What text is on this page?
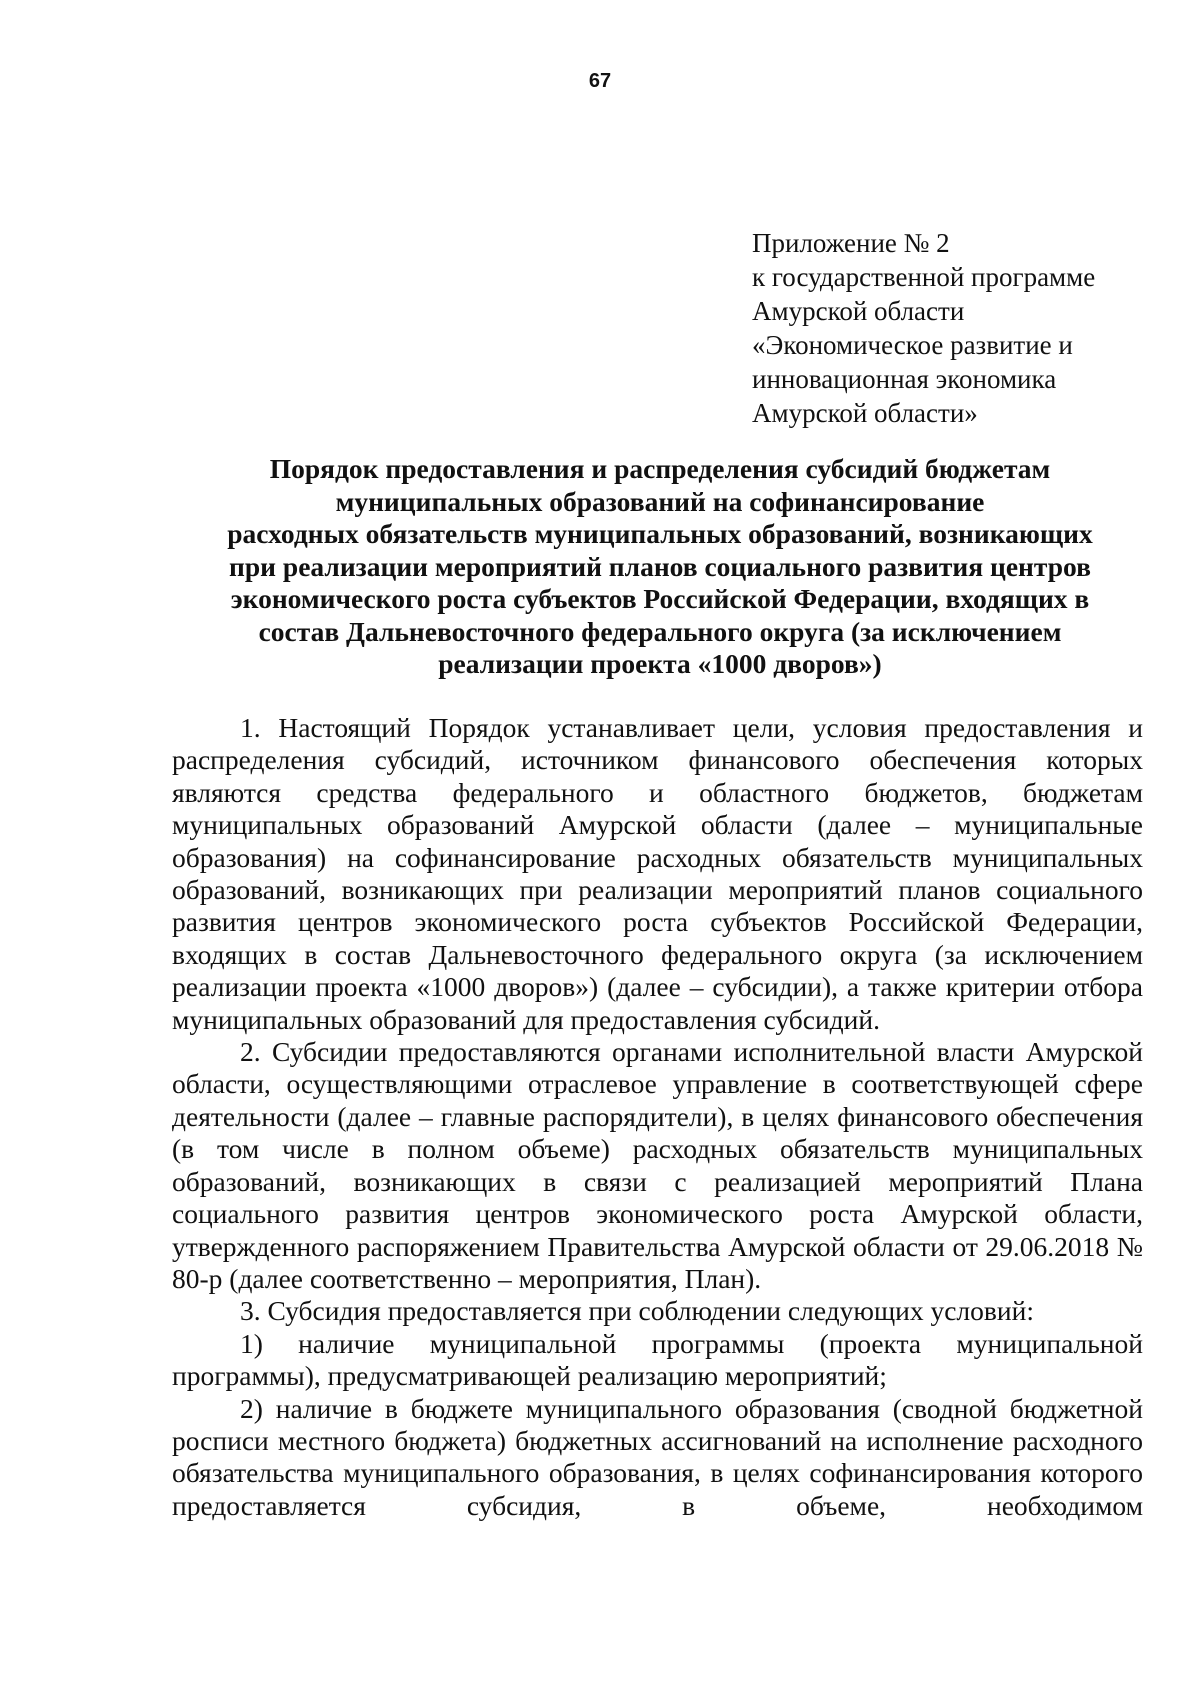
67
Приложение № 2
к государственной программе
Амурской области
«Экономическое развитие и
инновационная экономика
Амурской области»
Порядок предоставления и распределения субсидий бюджетам
муниципальных образований на софинансирование
расходных обязательств муниципальных образований, возникающих
при реализации мероприятий планов социального развития центров
экономического роста субъектов Российской Федерации, входящих в
состав Дальневосточного федерального округа (за исключением
реализации проекта «1000 дворов»)

1. Настоящий Порядок устанавливает цели, условия предоставления и распределения субсидий, источником финансового обеспечения которых являются средства федерального и областного бюджетов, бюджетам муниципальных образований Амурской области (далее – муниципальные образования) на софинансирование расходных обязательств муниципальных образований, возникающих при реализации мероприятий планов социального развития центров экономического роста субъектов Российской Федерации, входящих в состав Дальневосточного федерального округа (за исключением реализации проекта «1000 дворов») (далее – субсидии), а также критерии отбора муниципальных образований для предоставления субсидий.

2. Субсидии предоставляются органами исполнительной власти Амурской области, осуществляющими отраслевое управление в соответствующей сфере деятельности (далее – главные распорядители), в целях финансового обеспечения (в том числе в полном объеме) расходных обязательств муниципальных образований, возникающих в связи с реализацией мероприятий Плана социального развития центров экономического роста Амурской области, утвержденного распоряжением Правительства Амурской области от 29.06.2018 № 80-р (далее соответственно – мероприятия, План).

3. Субсидия предоставляется при соблюдении следующих условий:

1) наличие муниципальной программы (проекта муниципальной программы), предусматривающей реализацию мероприятий;

2) наличие в бюджете муниципального образования (сводной бюджетной росписи местного бюджета) бюджетных ассигнований на исполнение расходного обязательства муниципального образования, в целях софинансирования которого предоставляется субсидия, в объеме, необходимом
